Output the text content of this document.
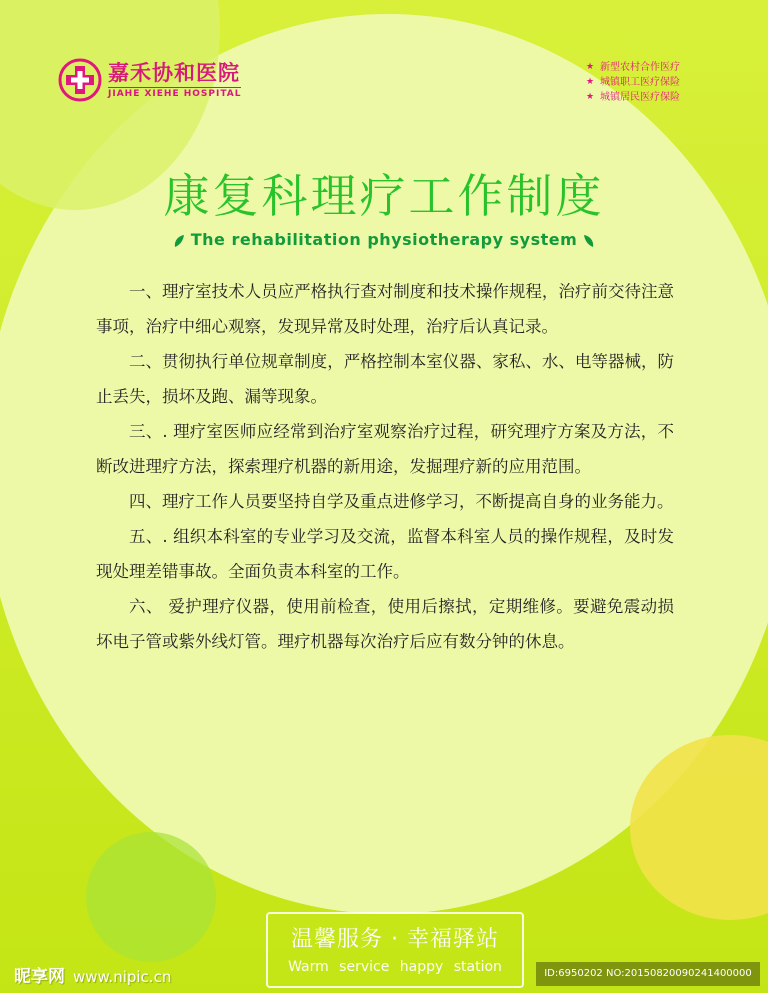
嘉禾协和医院
JIAHE XIEHE HOSPITAL
★ 新型农村合作医疗
★ 城镇职工医疗保险
★ 城镇居民医疗保险
康复科理疗工作制度
The rehabilitation physiotherapy system

一、理疗室技术人员应严格执行查对制度和技术操作规程，治疗前交待注意事项，治疗中细心观察，发现异常及时处理，治疗后认真记录。

二、贯彻执行单位规章制度，严格控制本室仪器、家私、水、电等器械，防止丢失，损坏及跑、漏等现象。

三、. 理疗室医师应经常到治疗室观察治疗过程，研究理疗方案及方法，不断改进理疗方法，探索理疗机器的新用途，发掘理疗新的应用范围。

四、理疗工作人员要坚持自学及重点进修学习，不断提高自身的业务能力。

五、. 组织本科室的专业学习及交流，监督本科室人员的操作规程，及时发现处理差错事故。全面负责本科室的工作。

六、 爱护理疗仪器，使用前检查，使用后擦拭，定期维修。要避免震动损坏电子管或紫外线灯管。理疗机器每次治疗后应有数分钟的休息。

温馨服务 · 幸福驿站
Warm service happy station
昵享网 www.nipic.cn	ID:6950202 NO:20150820090241400000
